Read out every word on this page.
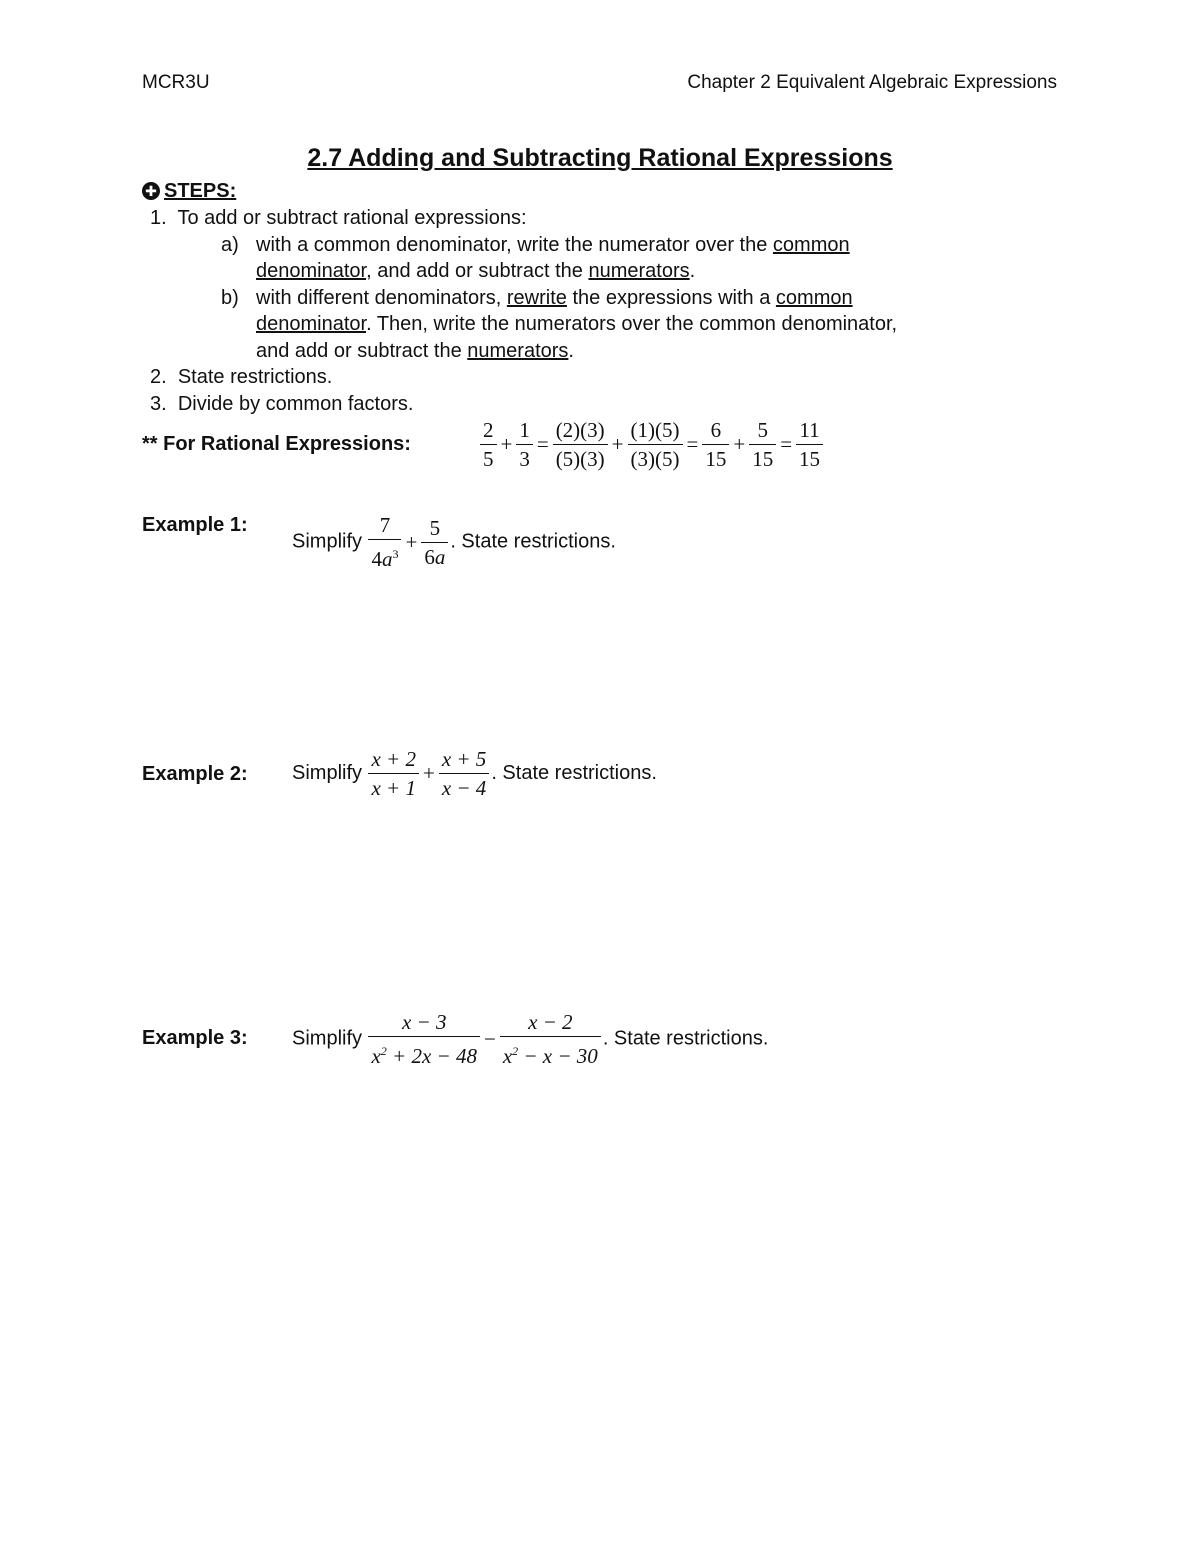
MCR3U	Chapter 2 Equivalent Algebraic Expressions
2.7 Adding and Subtracting Rational Expressions
✚ STEPS:
1. To add or subtract rational expressions:
a) with a common denominator, write the numerator over the common
denominator, and add or subtract the numerators.
b) with different denominators, rewrite the expressions with a common
denominator. Then, write the numerators over the common denominator,
and add or subtract the numerators.
2. State restrictions.
3. Divide by common factors.
** For Rational Expressions:	$\frac{2}{5} + \frac{1}{3} = \frac{(2)(3)}{(5)(3)} + \frac{(1)(5)}{(3)(5)} = \frac{6}{15} + \frac{5}{15} = \frac{11}{15}$
Example 1:
Simplify $\frac{7}{4a^3} + \frac{5}{6a}$ . State restrictions.
Example 2: Simplify $\frac{x + 2}{x + 1} + \frac{x + 5}{x - 4}$ . State restrictions.
Example 3: Simplify $\frac{x - 3}{x^2 + 2x - 48} - \frac{x - 2}{x^2 - x - 30}$ . State restrictions.
